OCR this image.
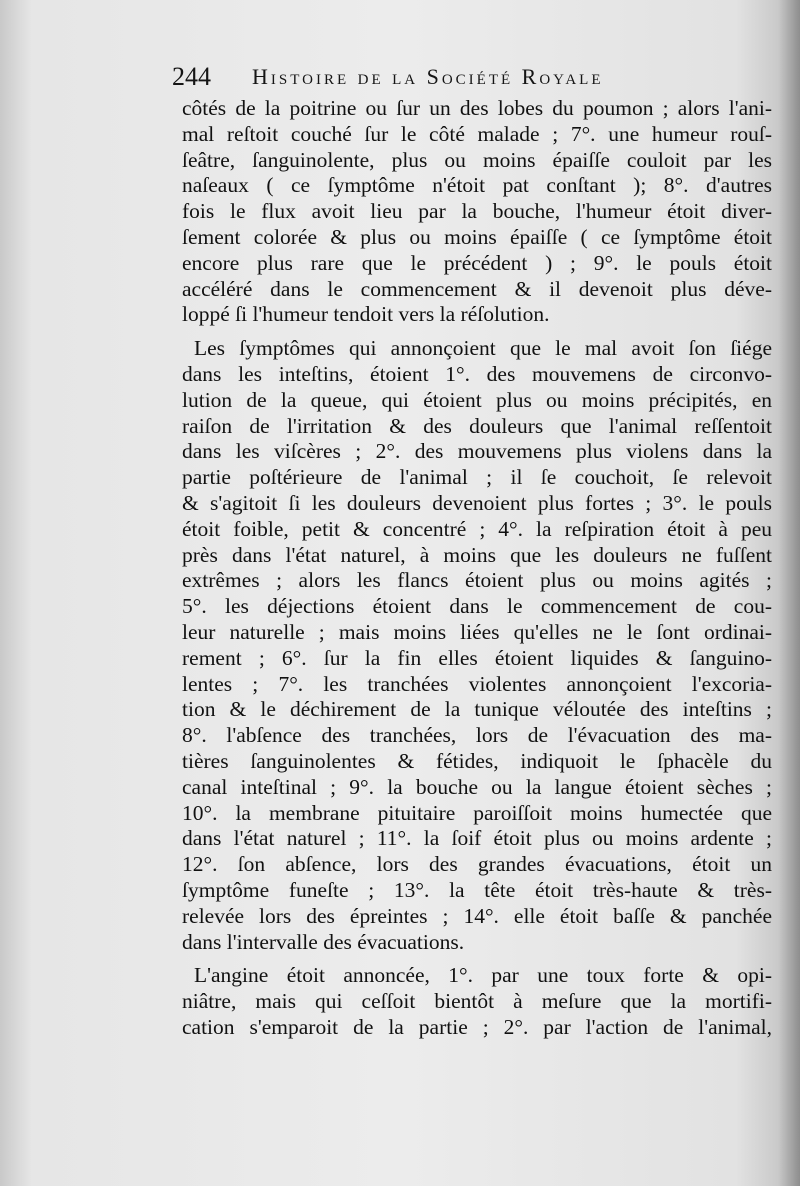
244 Histoire de la Société Royale
côtés de la poitrine ou ſur un des lobes du poumon ; alors l'ani-
mal reſtoit couché ſur le côté malade ; 7°. une humeur rouſ-
ſeâtre, ſanguinolente, plus ou moins épaiſſe couloit par les
naſeaux ( ce ſymptôme n'étoit pat conſtant ); 8°. d'autres
fois le flux avoit lieu par la bouche, l'humeur étoit diver-
ſement colorée & plus ou moins épaiſſe ( ce ſymptôme étoit
encore plus rare que le précédent ) ; 9°. le pouls étoit
accéléré dans le commencement & il devenoit plus déve-
loppé ſi l'humeur tendoit vers la réſolution.
Les ſymptômes qui annonçoient que le mal avoit ſon ſiége
dans les inteſtins, étoient 1°. des mouvemens de circonvo-
lution de la queue, qui étoient plus ou moins précipités, en
raiſon de l'irritation & des douleurs que l'animal reſſentoit
dans les viſcères ; 2°. des mouvemens plus violens dans la
partie poſtérieure de l'animal ; il ſe couchoit, ſe relevoit
& s'agitoit ſi les douleurs devenoient plus fortes ; 3°. le pouls
étoit foible, petit & concentré ; 4°. la reſpiration étoit à peu
près dans l'état naturel, à moins que les douleurs ne fuſſent
extrêmes ; alors les flancs étoient plus ou moins agités ;
5°. les déjections étoient dans le commencement de cou-
leur naturelle ; mais moins liées qu'elles ne le ſont ordinai-
rement ; 6°. ſur la fin elles étoient liquides & ſanguino-
lentes ; 7°. les tranchées violentes annonçoient l'excoria-
tion & le déchirement de la tunique véloutée des inteſtins ;
8°. l'abſence des tranchées, lors de l'évacuation des ma-
tières ſanguinolentes & fétides, indiquoit le ſphacèle du
canal inteſtinal ; 9°. la bouche ou la langue étoient sèches ;
10°. la membrane pituitaire paroiſſoit moins humectée que
dans l'état naturel ; 11°. la ſoif étoit plus ou moins ardente ;
12°. ſon abſence, lors des grandes évacuations, étoit un
ſymptôme funeſte ; 13°. la tête étoit très-haute & très-
relevée lors des épreintes ; 14°. elle étoit baſſe & panchée
dans l'intervalle des évacuations.
L'angine étoit annoncée, 1°. par une toux forte & opi-
niâtre, mais qui ceſſoit bientôt à meſure que la mortifi-
cation s'emparoit de la partie ; 2°. par l'action de l'animal,
